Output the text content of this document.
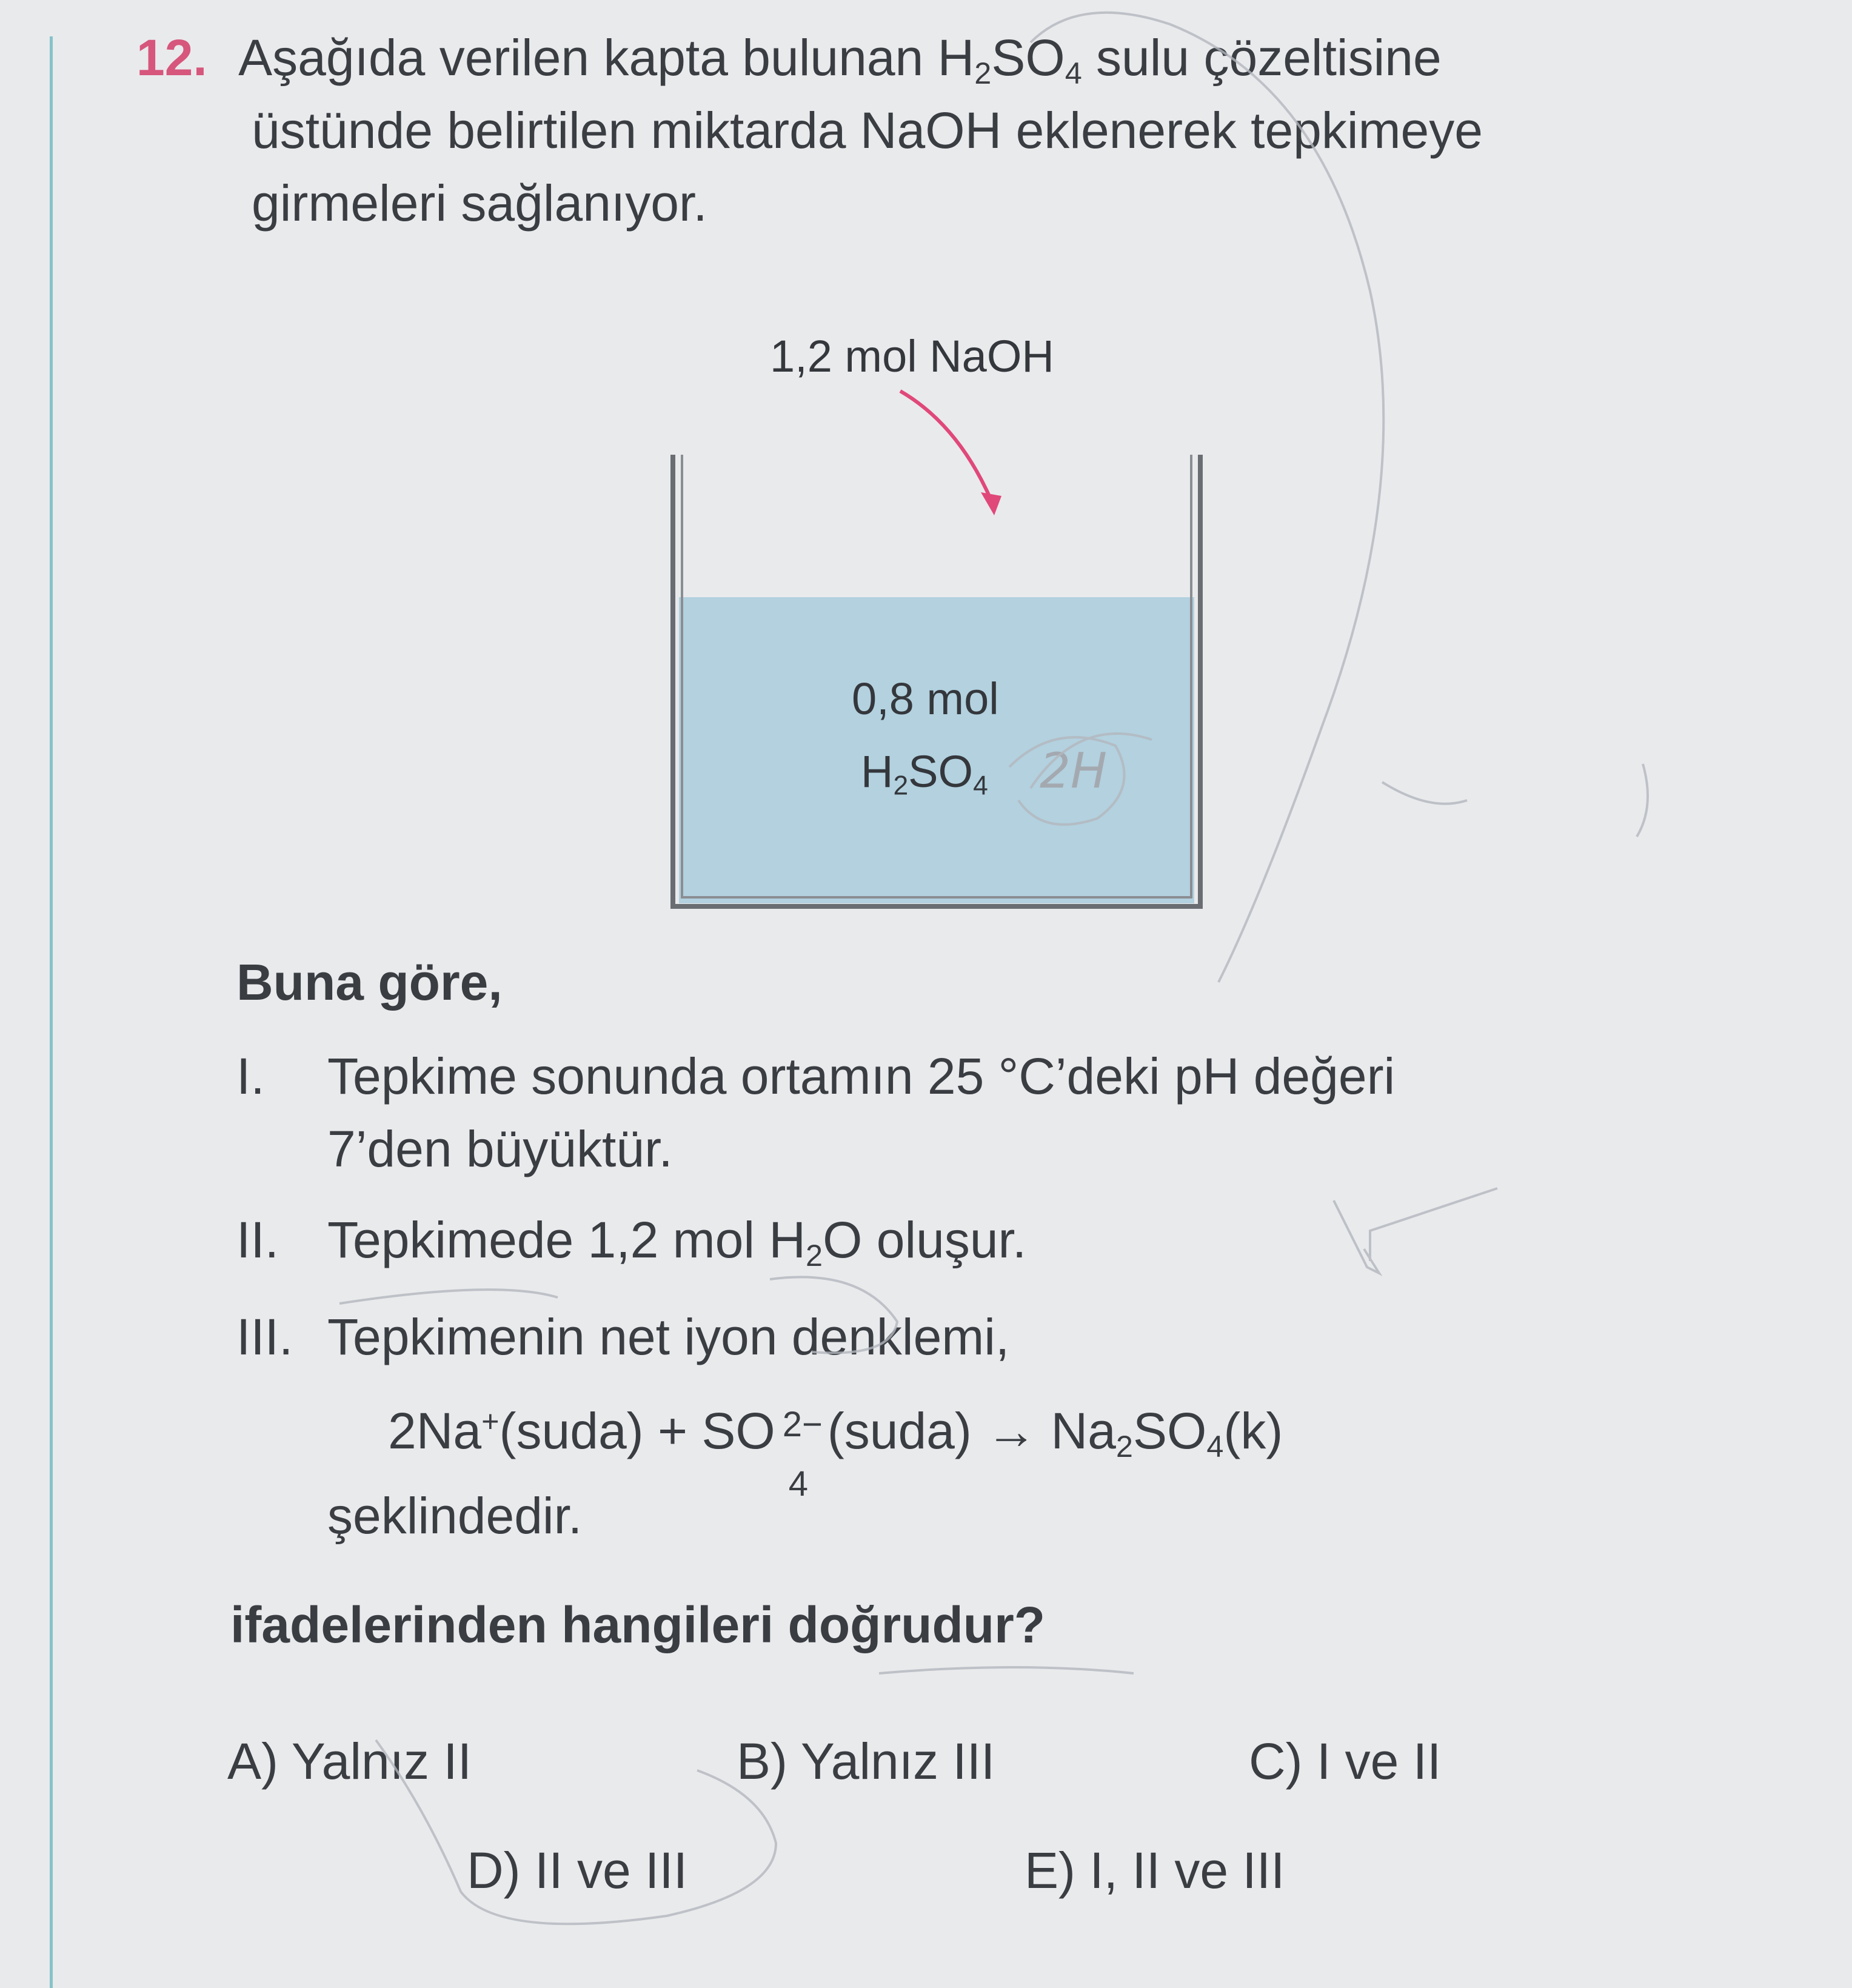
12. Aşağıda verilen kapta bulunan $H_2SO_4$ sulu çözeltisine
üstünde belirtilen miktarda NaOH eklenerek tepkimeye
girmeleri sağlanıyor.
1,2 mol NaOH
0,8 mol
$H_2SO_4$ 2H
Buna göre,
I. Tepkime sonunda ortamın 25 °C’deki pH değeri
7’den büyüktür.
II. Tepkimede 1,2 mol $H_2O$ oluşur.
III. Tepkimenin net iyon denklemi,
2Na+(suda) + SO 2−
4
(suda) → $Na_2SO_4(k)$
şeklindedir.
ifadelerinden hangileri doğrudur?
A) Yalnız II	B) Yalnız III	C) I ve II
D) II ve III	E) I, II ve III
